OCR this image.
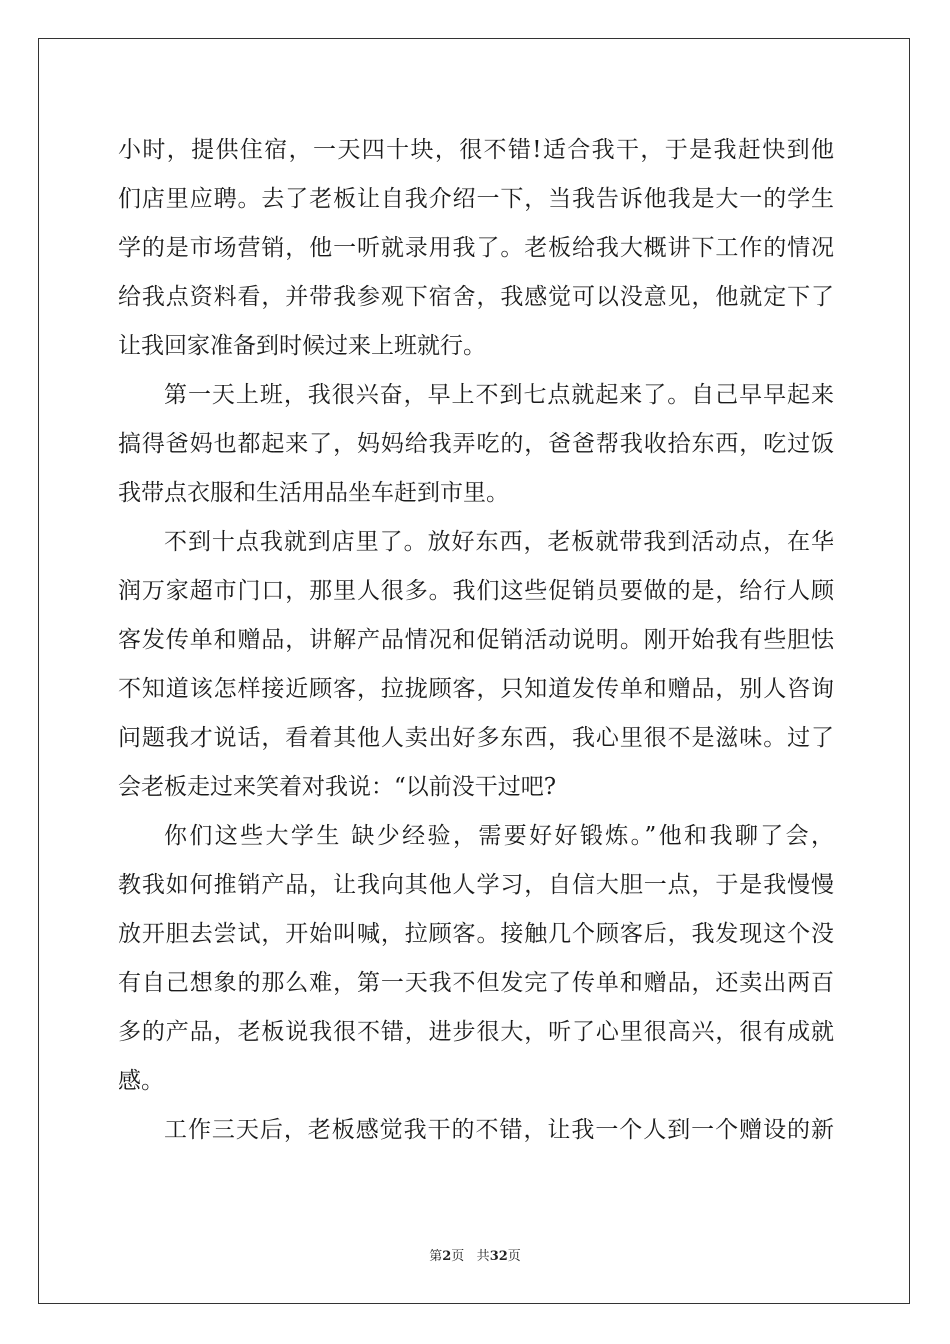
小时，提供住宿，一天四十块，很不错!适合我干，于是我赶快到他
们店里应聘。去了老板让自我介绍一下，当我告诉他我是大一的学生
学的是市场营销，他一听就录用我了。老板给我大概讲下工作的情况
给我点资料看，并带我参观下宿舍，我感觉可以没意见，他就定下了
让我回家准备到时候过来上班就行。
第一天上班，我很兴奋，早上不到七点就起来了。自己早早起来
搞得爸妈也都起来了，妈妈给我弄吃的，爸爸帮我收拾东西，吃过饭
我带点衣服和生活用品坐车赶到市里。
不到十点我就到店里了。放好东西，老板就带我到活动点，在华
润万家超市门口，那里人很多。我们这些促销员要做的是，给行人顾
客发传单和赠品，讲解产品情况和促销活动说明。刚开始我有些胆怯
不知道该怎样接近顾客，拉拢顾客，只知道发传单和赠品，别人咨询
问题我才说话，看着其他人卖出好多东西，我心里很不是滋味。过了
会老板走过来笑着对我说：“以前没干过吧?
你们这些大学生 缺少经验，需要好好锻炼。”他和我聊了会，
教我如何推销产品，让我向其他人学习，自信大胆一点，于是我慢慢
放开胆去尝试，开始叫喊，拉顾客。接触几个顾客后，我发现这个没
有自己想象的那么难，第一天我不但发完了传单和赠品，还卖出两百
多的产品，老板说我很不错，进步很大，听了心里很高兴，很有成就
感。
工作三天后，老板感觉我干的不错，让我一个人到一个赠设的新
第2页 共32页
